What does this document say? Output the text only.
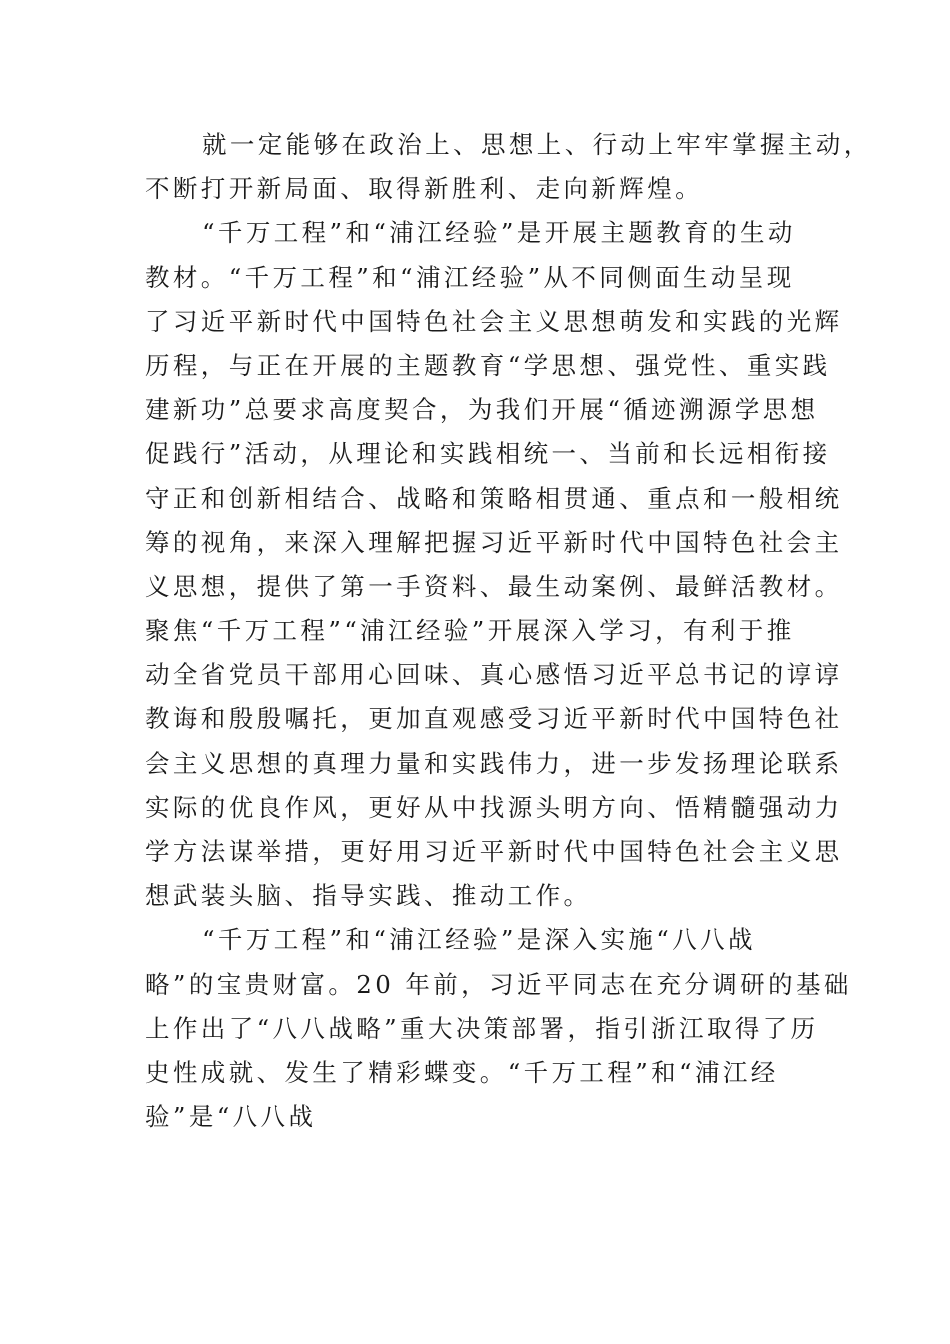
就一定能够在政治上、思想上、行动上牢牢掌握主动，
不断打开新局面、取得新胜利、走向新辉煌。
“千万工程”和“浦江经验”是开展主题教育的生动
教材。“千万工程”和“浦江经验”从不同侧面生动呈现
了习近平新时代中国特色社会主义思想萌发和实践的光辉
历程，与正在开展的主题教育“学思想、强党性、重实践
建新功”总要求高度契合，为我们开展“循迹溯源学思想
促践行”活动，从理论和实践相统一、当前和长远相衔接
守正和创新相结合、战略和策略相贯通、重点和一般相统
筹的视角，来深入理解把握习近平新时代中国特色社会主
义思想，提供了第一手资料、最生动案例、最鲜活教材。
聚焦“千万工程”“浦江经验”开展深入学习，有利于推
动全省党员干部用心回味、真心感悟习近平总书记的谆谆
教诲和殷殷嘱托，更加直观感受习近平新时代中国特色社
会主义思想的真理力量和实践伟力，进一步发扬理论联系
实际的优良作风，更好从中找源头明方向、悟精髓强动力
学方法谋举措，更好用习近平新时代中国特色社会主义思
想武装头脑、指导实践、推动工作。
“千万工程”和“浦江经验”是深入实施“八八战
略”的宝贵财富。20 年前，习近平同志在充分调研的基础
上作出了“八八战略”重大决策部署，指引浙江取得了历
史性成就、发生了精彩蝶变。“千万工程”和“浦江经
验”是“八八战
